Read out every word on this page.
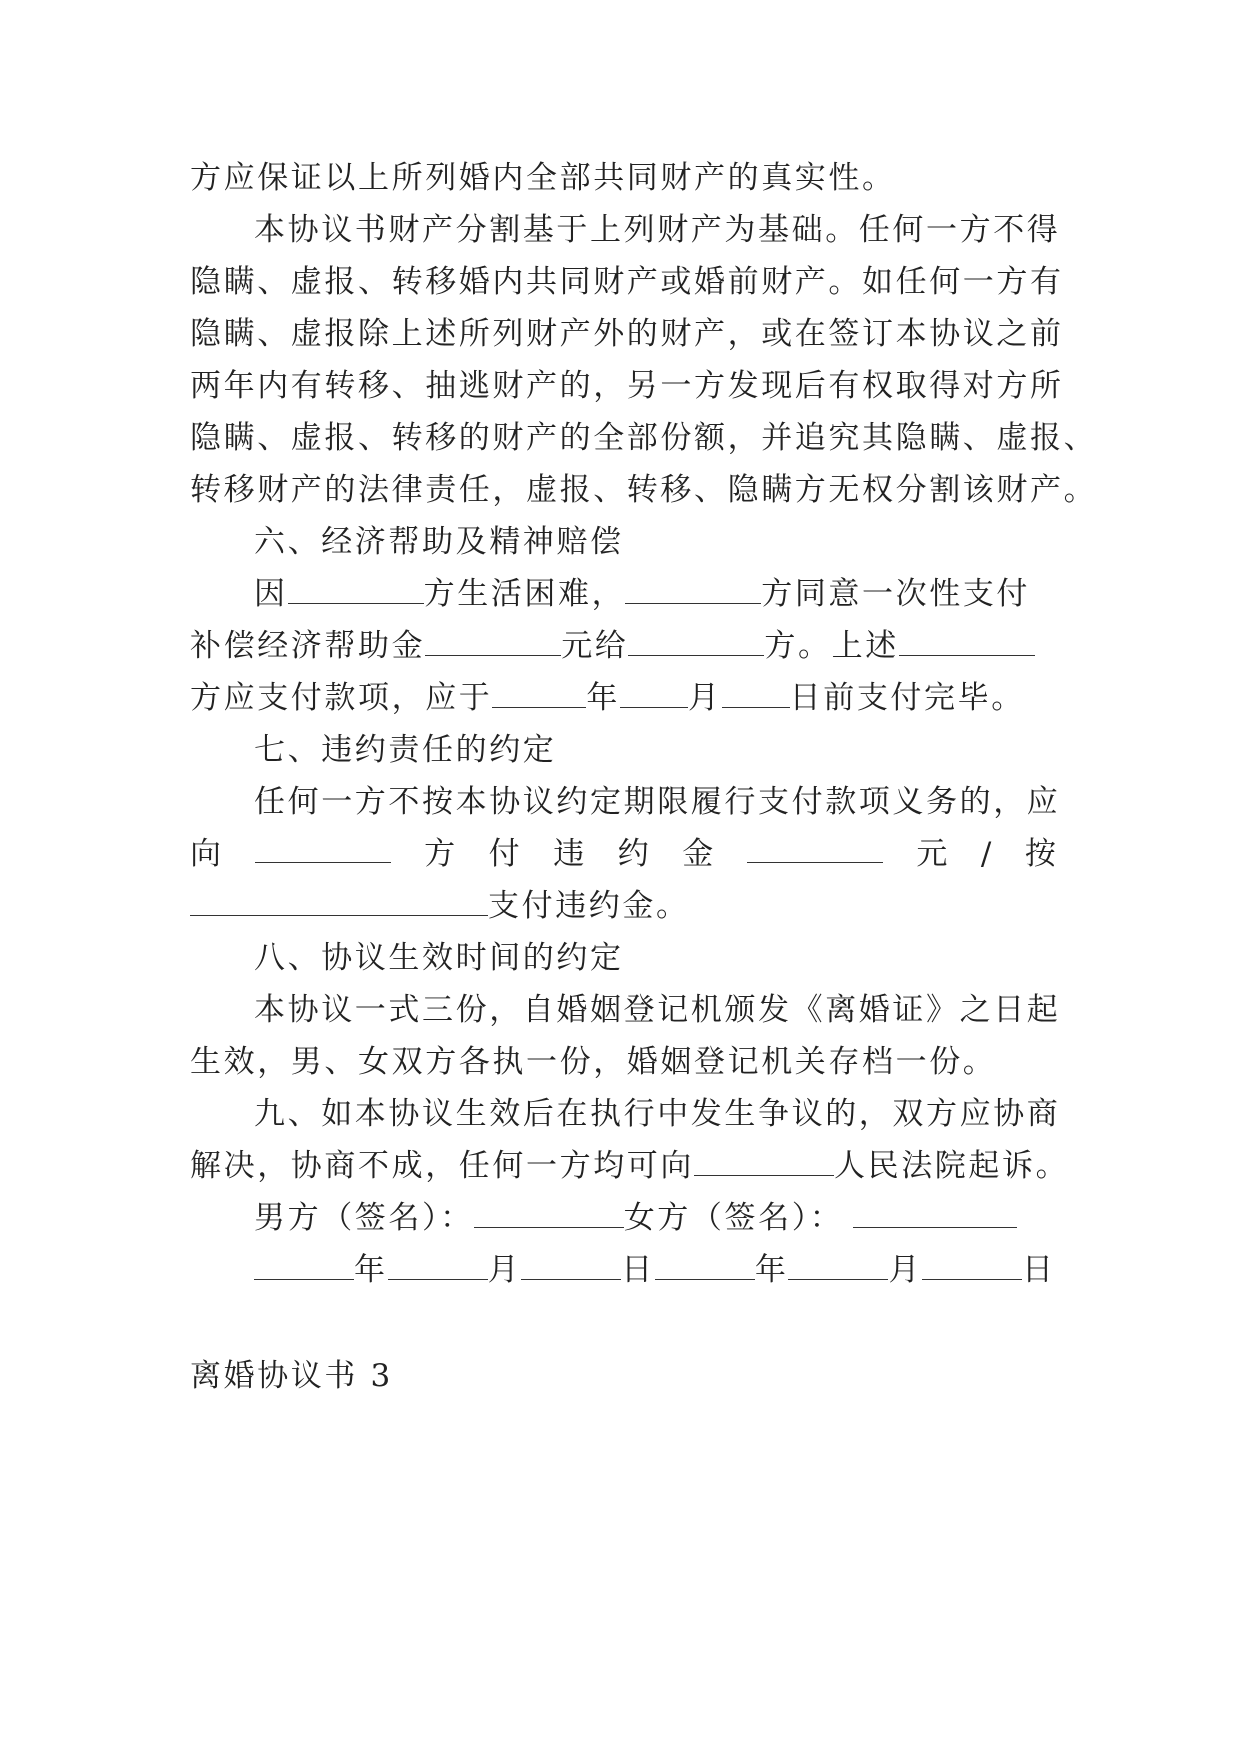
方应保证以上所列婚内全部共同财产的真实性。
本协议书财产分割基于上列财产为基础。任何一方不得
隐瞒、虚报、转移婚内共同财产或婚前财产。如任何一方有
隐瞒、虚报除上述所列财产外的财产，或在签订本协议之前
两年内有转移、抽逃财产的，另一方发现后有权取得对方所
隐瞒、虚报、转移的财产的全部份额，并追究其隐瞒、虚报、
转移财产的法律责任，虚报、转移、隐瞒方无权分割该财产。
六、经济帮助及精神赔偿
因	方生活困难，	方同意一次性支付
补偿经济帮助金	元给	方。上述
方应支付款项，应于	年 月 日前支付完毕。
七、违约责任的约定
任何一方不按本协议约定期限履行支付款项义务的，应
向	方 付 违 约 金	元 / 按
支付违约金。
八、协议生效时间的约定
本协议一式三份，自婚姻登记机颁发《离婚证》之日起
生效，男、女双方各执一份，婚姻登记机关存档一份。
九、如本协议生效后在执行中发生争议的，双方应协商
解决，协商不成，任何一方均可向	人民法院起诉。
男方（签名）：	女方（签名）：
年	月	日	年	月	日
离婚协议书 3
